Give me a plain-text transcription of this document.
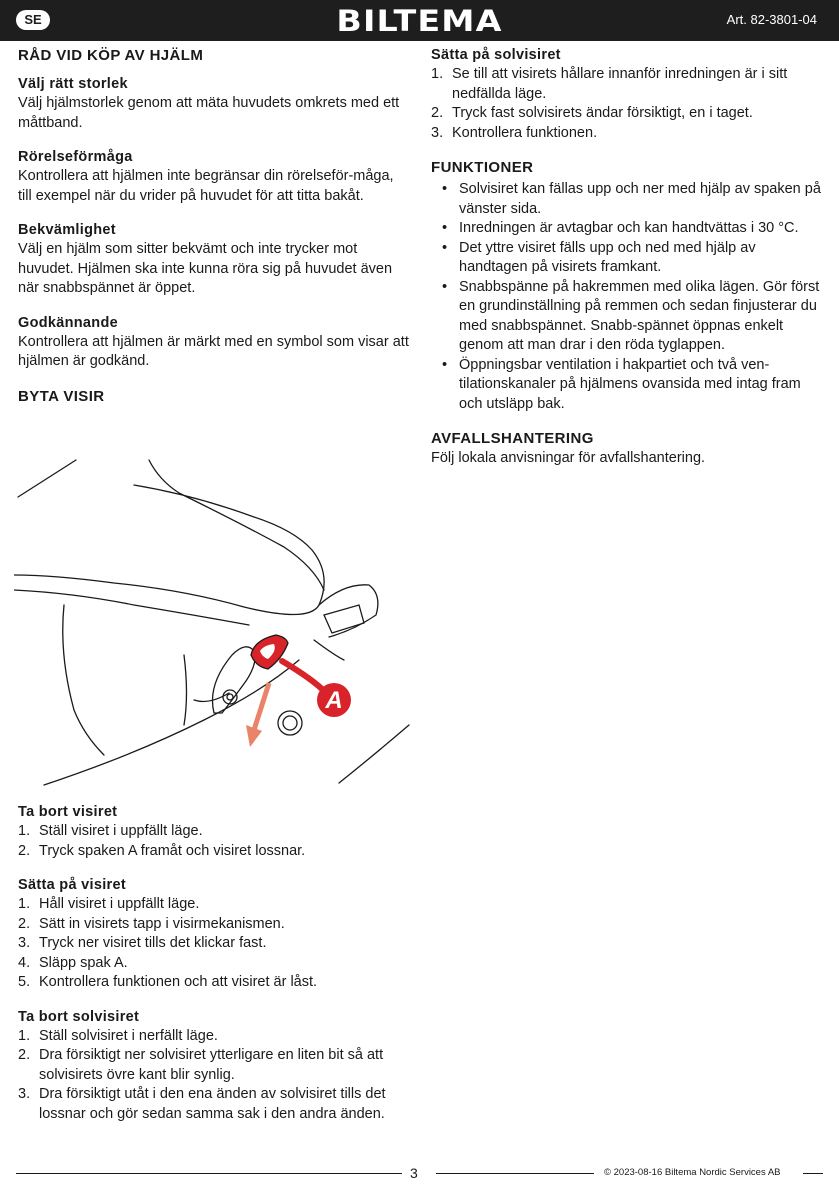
SE	BILTEMA	Art. 82-3801-04
RÅD VID KÖP AV HJÄLM
Välj rätt storlek

Välj hjälmstorlek genom att mäta huvudets omkrets med ett måttband.

Rörelseförmåga

Kontrollera att hjälmen inte begränsar din rörelseför-måga, till exempel när du vrider på huvudet för att titta bakåt.

Bekvämlighet

Välj en hjälm som sitter bekvämt och inte trycker mot huvudet. Hjälmen ska inte kunna röra sig på huvudet även när snabbspännet är öppet.

Godkännande

Kontrollera att hjälmen är märkt med en symbol som visar att hjälmen är godkänd.

BYTA VISIR
A
Ta bort visiret
1. Ställ visiret i uppfällt läge.
2. Tryck spaken A framåt och visiret lossnar.
Sätta på visiret
1. Håll visiret i uppfällt läge.
2. Sätt in visirets tapp i visirmekanismen.
3. Tryck ner visiret tills det klickar fast.
4. Släpp spak A.
5. Kontrollera funktionen och att visiret är låst.
Ta bort solvisiret
1. Ställ solvisiret i nerfällt läge.
2. Dra försiktigt ner solvisiret ytterligare en liten bit så att solvisirets övre kant blir synlig.
3. Dra försiktigt utåt i den ena änden av solvisiret tills det lossnar och gör sedan samma sak i den andra änden.
Sätta på solvisiret
1. Se till att visirets hållare innanför inredningen är i sitt nedfällda läge.
2. Tryck fast solvisirets ändar försiktigt, en i taget.
3. Kontrollera funktionen.
FUNKTIONER
• Solvisiret kan fällas upp och ner med hjälp av spaken på vänster sida.
• Inredningen är avtagbar och kan handtvättas i 30 °C.
• Det yttre visiret fälls upp och ned med hjälp av handtagen på visirets framkant.
• Snabbspänne på hakremmen med olika lägen. Gör först en grundinställning på remmen och sedan finjusterar du med snabbspännet. Snabb-spännet öppnas enkelt genom att man drar i den röda tyglappen.
• Öppningsbar ventilation i hakpartiet och två ven-tilationskanaler på hjälmens ovansida med intag fram och utsläpp bak.
AVFALLSHANTERING

Följ lokala anvisningar för avfallshantering.

3	© 2023-08-16 Biltema Nordic Services AB
